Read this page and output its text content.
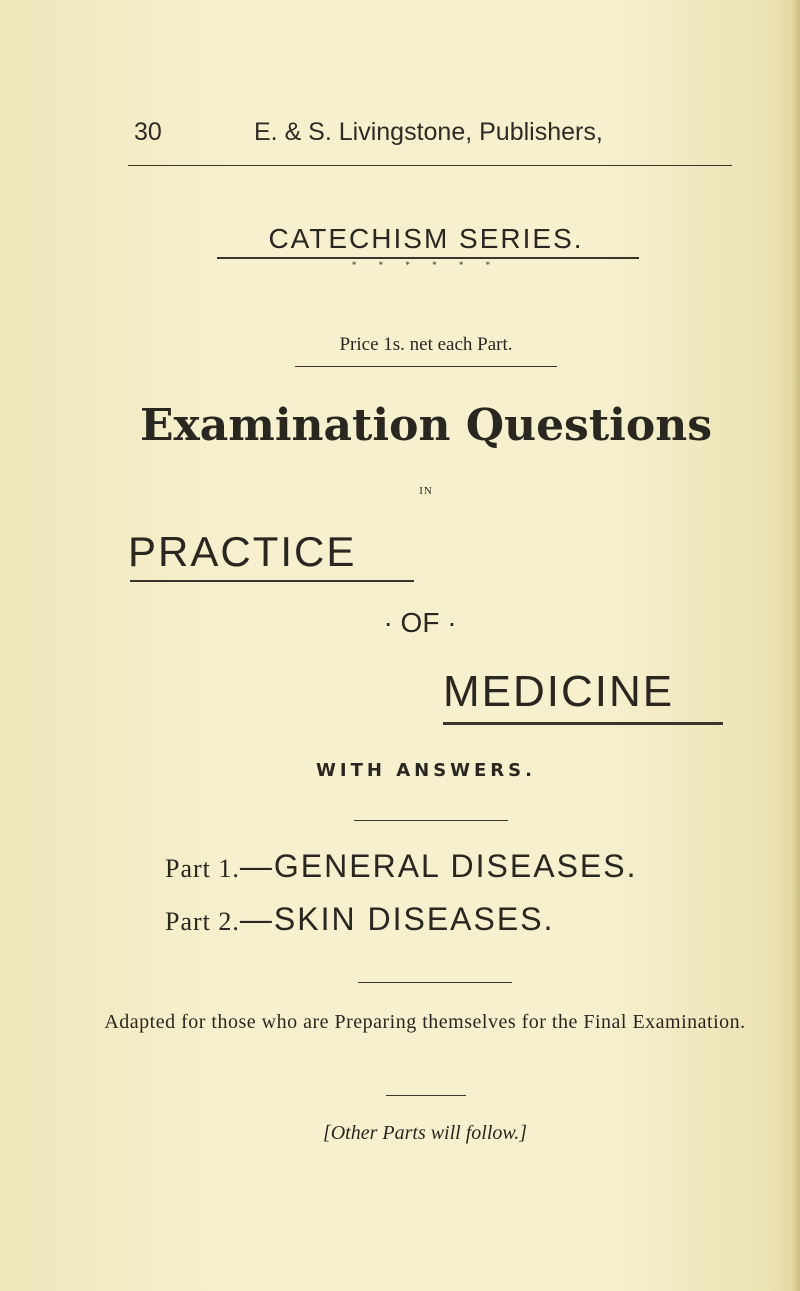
30	E. & S. Livingstone, Publishers,
CATECHISM SERIES.
* * * * * *
Price 1s. net each Part.
Examination Questions
IN
PRACTICE
· OF ·
MEDICINE
WITH ANSWERS.
Part 1.—GENERAL DISEASES.
Part 2.—SKIN DISEASES.
Adapted for those who are Preparing themselves for the Final Examination.
[Other Parts will follow.]
